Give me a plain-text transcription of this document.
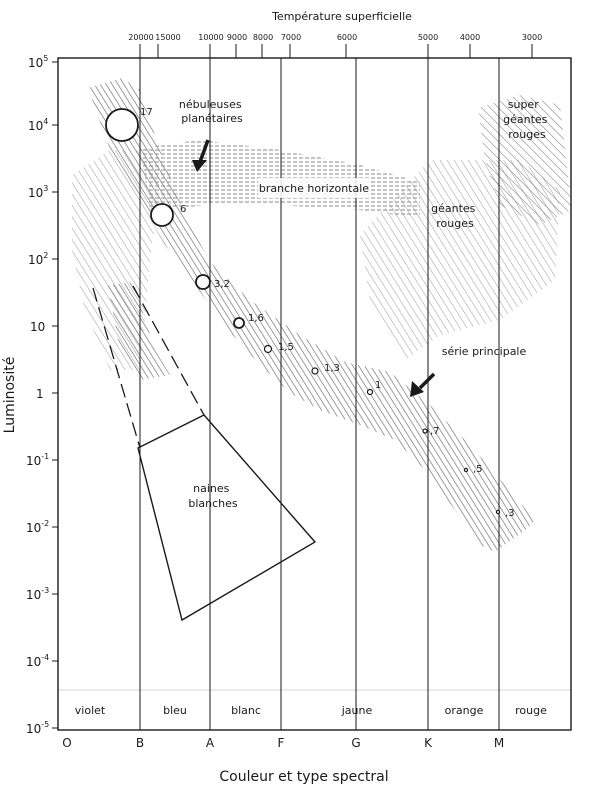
17
6
3,2
1,6
1,5
1,3
1
,7
,5
,3
Température superficielle
20000 15000 10000 9000 8000 7000	6000	5000	4000	3000
$10^5$
$10^4$
$10^3$
$10^2$
10
1
$10^{-1}$
$10^{-2}$
$10^{-3}$
$10^{-4}$
$10^{-5}$
Luminosité
O	B	A	F	G	K	M
Couleur et type spectral
violet	bleu	blanc	jaune	orange	rouge
nébuleuses planétaires
branche horizontale
super géantes rouges
géantes rouges
série principale
naines blanches
